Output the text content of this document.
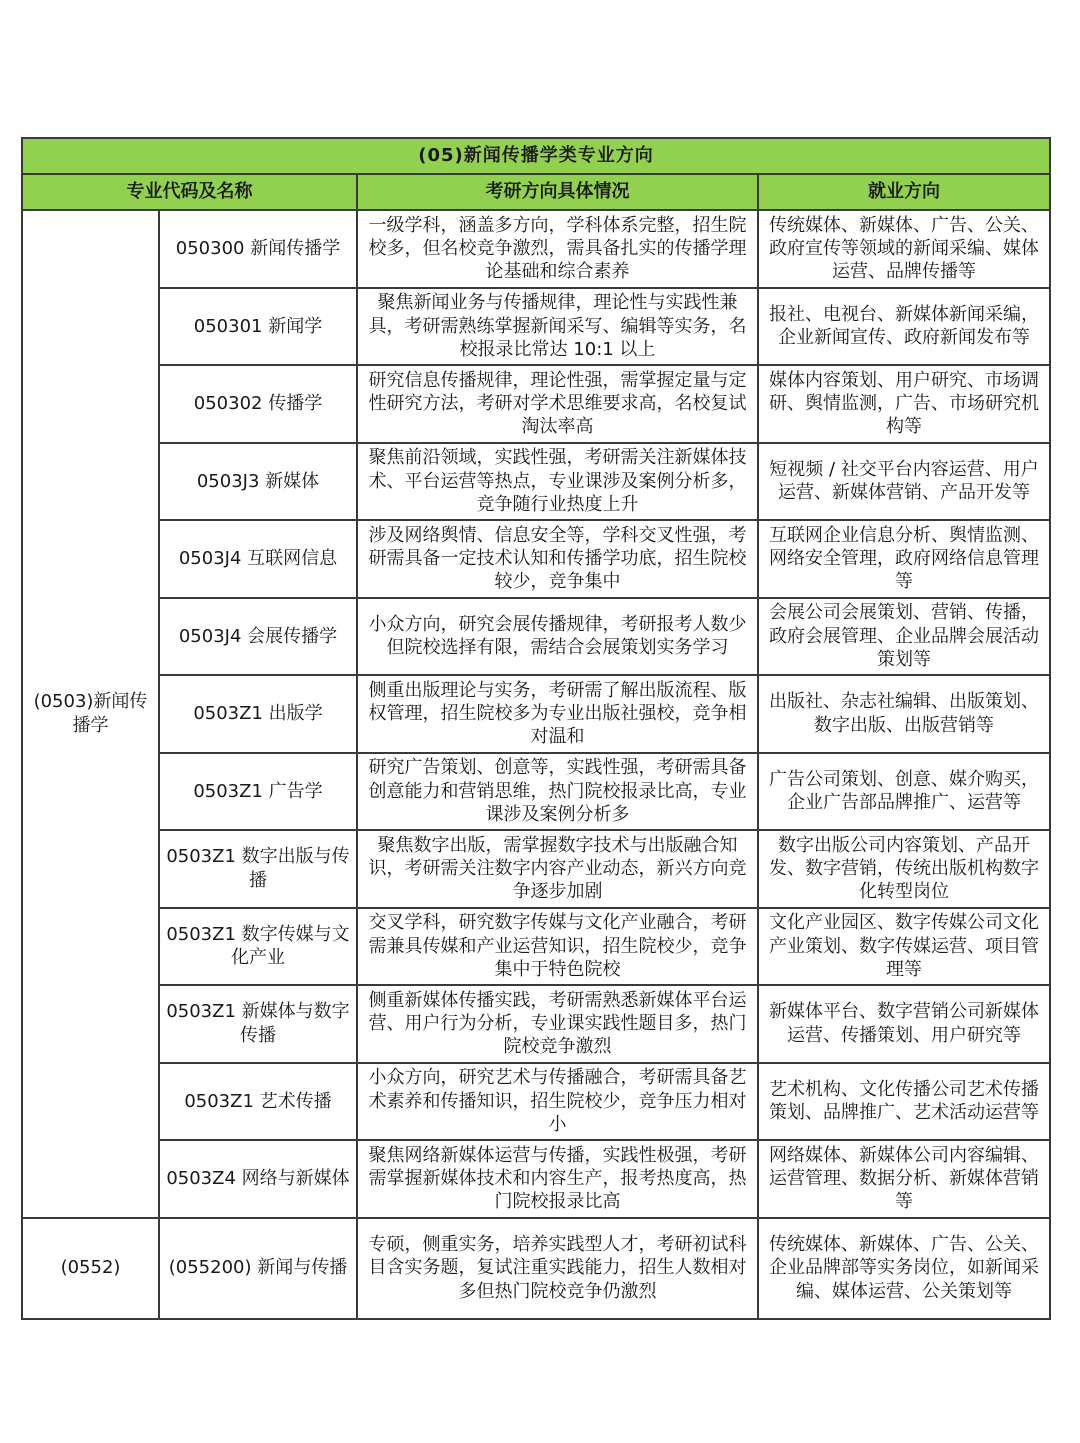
(05)新闻传播学类专业方向			
专业代码及名称		考研方向具体情况	就业方向
(0503)新闻传播学	050300 新闻传播学	一级学科，涵盖多方向，学科体系完整，招生院校多，但名校竞争激烈，需具备扎实的传播学理论基础和综合素养	传统媒体、新媒体、广告、公关、政府宣传等领域的新闻采编、媒体运营、品牌传播等
	050301 新闻学	聚焦新闻业务与传播规律，理论性与实践性兼具，考研需熟练掌握新闻采写、编辑等实务，名校报录比常达 10:1 以上	报社、电视台、新媒体新闻采编，企业新闻宣传、政府新闻发布等
	050302 传播学	研究信息传播规律，理论性强，需掌握定量与定性研究方法，考研对学术思维要求高，名校复试淘汰率高	媒体内容策划、用户研究、市场调研、舆情监测，广告、市场研究机构等
	0503J3 新媒体	聚焦前沿领域，实践性强，考研需关注新媒体技术、平台运营等热点，专业课涉及案例分析多，竞争随行业热度上升	短视频 / 社交平台内容运营、用户运营、新媒体营销、产品开发等
	0503J4 互联网信息	涉及网络舆情、信息安全等，学科交叉性强，考研需具备一定技术认知和传播学功底，招生院校较少，竞争集中	互联网企业信息分析、舆情监测、网络安全管理，政府网络信息管理等
	0503J4 会展传播学	小众方向，研究会展传播规律，考研报考人数少但院校选择有限，需结合会展策划实务学习	会展公司会展策划、营销、传播，政府会展管理、企业品牌会展活动策划等
	0503Z1 出版学	侧重出版理论与实务，考研需了解出版流程、版权管理，招生院校多为专业出版社强校，竞争相对温和	出版社、杂志社编辑、出版策划、数字出版、出版营销等
	0503Z1 广告学	研究广告策划、创意等，实践性强，考研需具备创意能力和营销思维，热门院校报录比高，专业课涉及案例分析多	广告公司策划、创意、媒介购买，企业广告部品牌推广、运营等
	0503Z1 数字出版与传播	聚焦数字出版，需掌握数字技术与出版融合知识，考研需关注数字内容产业动态，新兴方向竞争逐步加剧	数字出版公司内容策划、产品开发、数字营销，传统出版机构数字化转型岗位
	0503Z1 数字传媒与文化产业	交叉学科，研究数字传媒与文化产业融合，考研需兼具传媒和产业运营知识，招生院校少，竞争集中于特色院校	文化产业园区、数字传媒公司文化产业策划、数字传媒运营、项目管理等
	0503Z1 新媒体与数字传播	侧重新媒体传播实践，考研需熟悉新媒体平台运营、用户行为分析，专业课实践性题目多，热门院校竞争激烈	新媒体平台、数字营销公司新媒体运营、传播策划、用户研究等
	0503Z1 艺术传播	小众方向，研究艺术与传播融合，考研需具备艺术素养和传播知识，招生院校少，竞争压力相对小	艺术机构、文化传播公司艺术传播策划、品牌推广、艺术活动运营等
	0503Z4 网络与新媒体	聚焦网络新媒体运营与传播，实践性极强，考研需掌握新媒体技术和内容生产，报考热度高，热门院校报录比高	网络媒体、新媒体公司内容编辑、运营管理、数据分析、新媒体营销等
(0552)	(055200) 新闻与传播	专硕，侧重实务，培养实践型人才，考研初试科目含实务题，复试注重实践能力，招生人数相对多但热门院校竞争仍激烈	传统媒体、新媒体、广告、公关、企业品牌部等实务岗位，如新闻采编、媒体运营、公关策划等
